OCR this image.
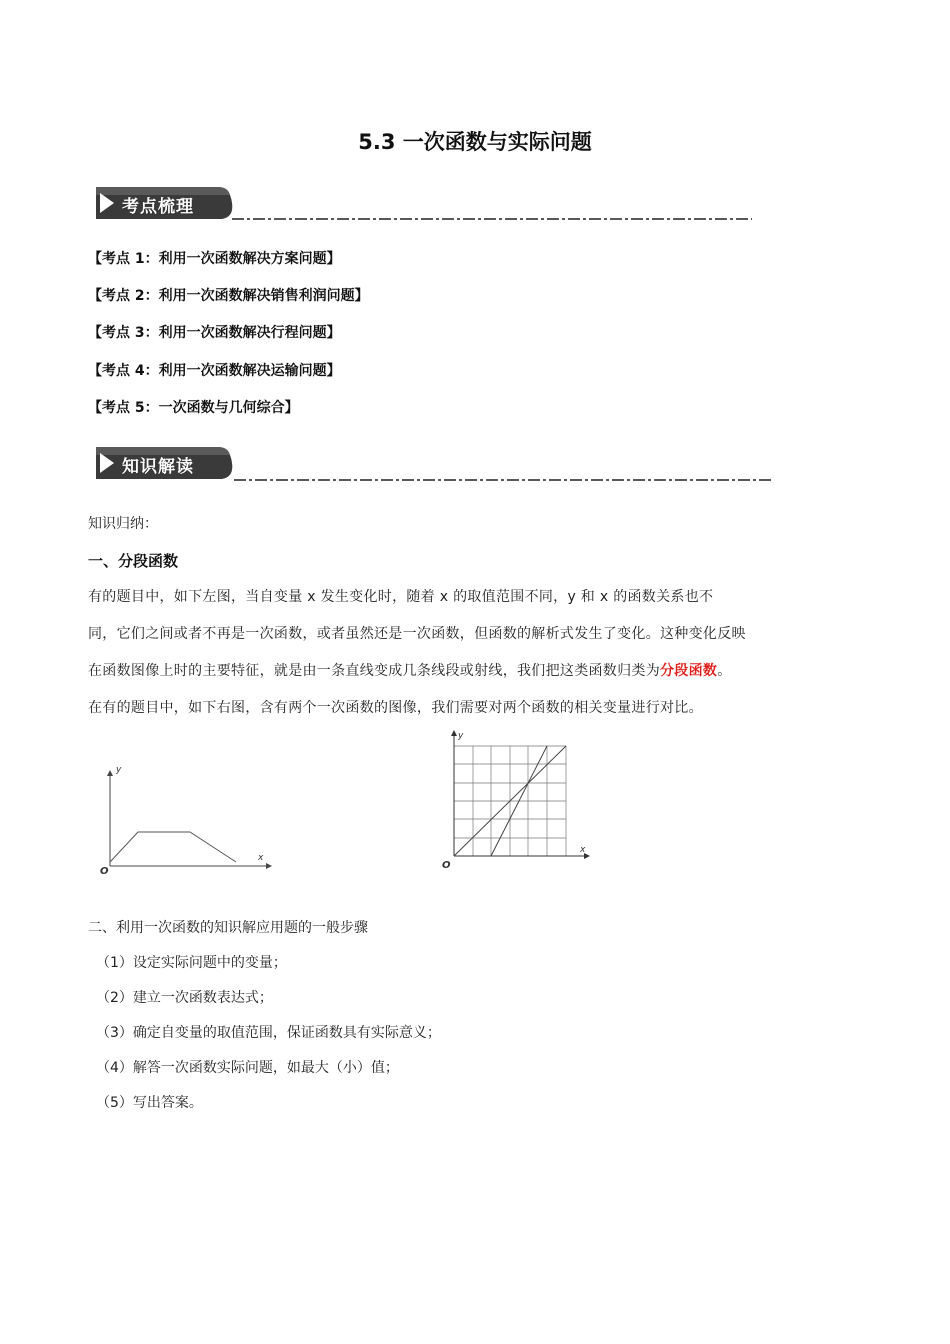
5.3 一次函数与实际问题
考点梳理
【考点 1：利用一次函数解决方案问题】
【考点 2：利用一次函数解决销售利润问题】
【考点 3：利用一次函数解决行程问题】
【考点 4：利用一次函数解决运输问题】
【考点 5：一次函数与几何综合】
知识解读
知识归纳：
一、分段函数
有的题目中，如下左图，当自变量 x 发生变化时，随着 x 的取值范围不同，y 和 x 的函数关系也不
同，它们之间或者不再是一次函数，或者虽然还是一次函数，但函数的解析式发生了变化。这种变化反映
在函数图像上时的主要特征，就是由一条直线变成几条线段或射线，我们把这类函数归类为分段函数。
在有的题目中，如下右图，含有两个一次函数的图像，我们需要对两个函数的相关变量进行对比。
y
x
O
y
x
O
二、利用一次函数的知识解应用题的一般步骤
（1）设定实际问题中的变量；
（2）建立一次函数表达式；
（3）确定自变量的取值范围，保证函数具有实际意义；
（4）解答一次函数实际问题，如最大（小）值；
（5）写出答案。
